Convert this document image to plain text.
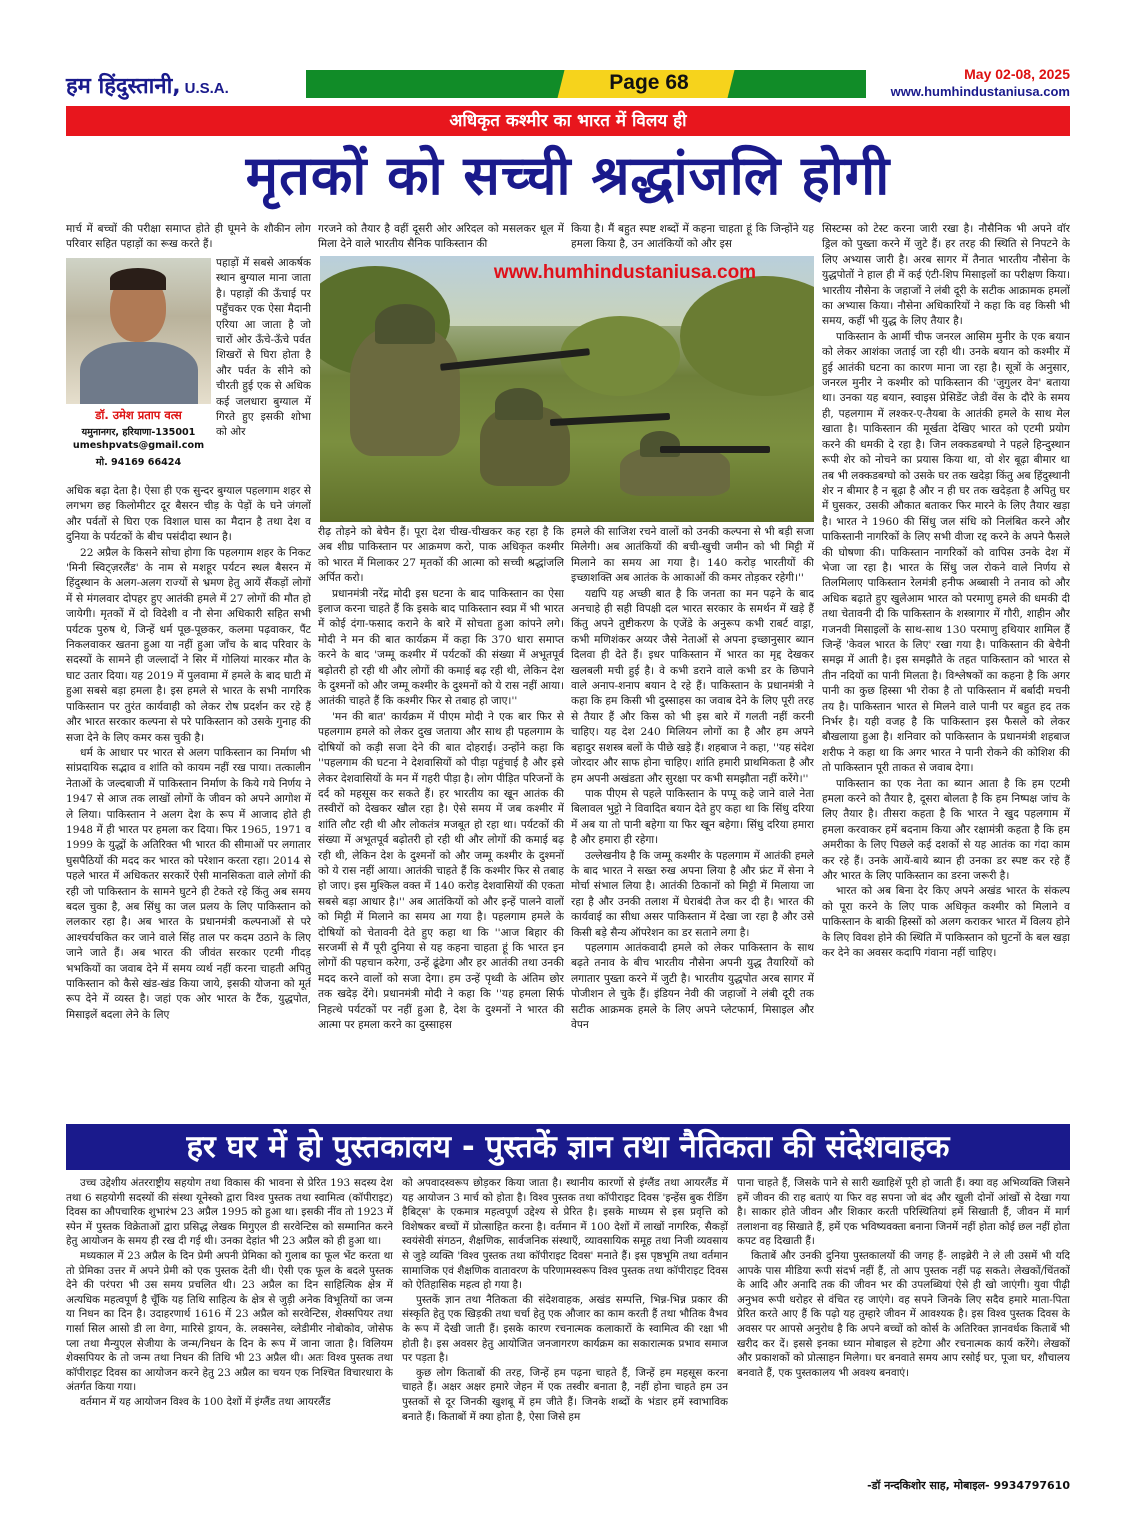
Page 68
हम हिंदुस्तानी, U.S.A.
May 02-08, 2025
www.humhindustaniusa.com
अधिकृत कश्मीर का भारत में विलय ही
मृतकों को सच्ची श्रद्धांजलि होगी

मार्च में बच्चों की परीक्षा समाप्त होते ही घूमने के शौकीन लोग परिवार सहित पहाड़ों का रूख करते हैं।

डॉ. उमेश प्रताप वत्स
यमुनानगर, हरियाणा-135001
umeshpvats@gmail.com
मो. 94169 66424

पहाड़ों में सबसे आकर्षक स्थान बुग्याल माना जाता है। पहाड़ों की ऊँचाई पर पहुँचकर एक ऐसा मैदानी एरिया आ जाता है जो चारों ओर ऊँचे-ऊँचे पर्वत शिखरों से घिरा होता है और पर्वत के सीने को चीरती हुई एक से अधिक कई जलधारा बुग्याल में गिरते हुए इसकी शोभा को ओर

अधिक बढ़ा देता है। ऐसा ही एक सुन्दर बुग्याल पहलगाम शहर से लगभग छह किलोमीटर दूर बैसरन चीड़ के पेड़ों के घने जंगलों और पर्वतों से घिरा एक विशाल घास का मैदान है तथा देश व दुनिया के पर्यटकों के बीच पसंदीदा स्थान है।

22 अप्रैल के किसने सोचा होगा कि पहलगाम शहर के निकट 'मिनी स्विट्ज़रलैंड' के नाम से मशहूर पर्यटन स्थल बैसरन में हिंदुस्थान के अलग-अलग राज्यों से भ्रमण हेतु आयें सैंकड़ों लोगों में से मंगलवार दोपहर हुए आतंकी हमले में 27 लोगों की मौत हो जायेगी। मृतकों में दो विदेशी व नौ सेना अधिकारी सहित सभी पर्यटक पुरुष थे, जिन्हें धर्म पूछ-पूछकर, कलमा पढ़वाकर, पैंट निकलवाकर खतना हुआ या नहीं हुआ जाँच के बाद परिवार के सदस्यों के सामने ही जल्लादों ने सिर में गोलियां मारकर मौत के घाट उतार दिया। यह 2019 में पुलवामा में हमले के बाद घाटी में हुआ सबसे बड़ा हमला है। इस हमले से भारत के सभी नागरिक पाकिस्तान पर तुरंत कार्यवाही को लेकर रोष प्रदर्शन कर रहे हैं और भारत सरकार कल्पना से परे पाकिस्तान को उसके गुनाह की सजा देने के लिए कमर कस चुकी है।

धर्म के आधार पर भारत से अलग पाकिस्तान का निर्माण भी सांप्रदायिक सद्भाव व शांति को कायम नहीं रख पाया। तत्कालीन नेताओं के जल्दबाजी में पाकिस्तान निर्माण के किये गये निर्णय ने 1947 से आज तक लाखों लोगों के जीवन को अपने आगोश में ले लिया। पाकिस्तान ने अलग देश के रूप में आजाद होते ही 1948 में ही भारत पर हमला कर दिया। फिर 1965, 1971 व 1999 के युद्धों के अतिरिक्त भी भारत की सीमाओं पर लगातार घुसपैठियों की मदद कर भारत को परेशान करता रहा। 2014 से पहले भारत में अधिकतर सरकारें ऐसी मानसिकता वाले लोगों की रही जो पाकिस्तान के सामने घुटने ही टेकते रहे किंतु अब समय बदल चुका है, अब सिंधु का जल प्रलय के लिए पाकिस्तान को ललकार रहा है। अब भारत के प्रधानमंत्री कल्पनाओं से परे आश्चर्यचकित कर जाने वाले सिंह ताल पर कदम उठाने के लिए जाने जाते हैं। अब भारत की जीवंत सरकार एटमी गीदड़ भभकियों का जवाब देने में समय व्यर्थ नहीं करना चाहती अपितु पाकिस्तान को कैसे खंड-खंड किया जाये, इसकी योजना को मूर्त रूप देने में व्यस्त है। जहां एक ओर भारत के टैंक, युद्धपोत, मिसाइलें बदला लेने के लिए

गरजने को तैयार है वहीं दूसरी ओर अरिदल को मसलकर धूल में मिला देने वाले भारतीय सैनिक पाकिस्तान की

किया है। मैं बहुत स्पष्ट शब्दों में कहना चाहता हूं कि जिन्होंने यह हमला किया है, उन आतंकियों को और इस

www.humhindustaniusa.com

रीढ़ तोड़ने को बेचैन हैं। पूरा देश चीख-चीखकर कह रहा है कि अब शीघ्र पाकिस्तान पर आक्रमण करो, पाक अधिकृत कश्मीर को भारत में मिलाकर 27 मृतकों की आत्मा को सच्ची श्रद्धांजलि अर्पित करो।

प्रधानमंत्री नरेंद्र मोदी इस घटना के बाद पाकिस्तान का ऐसा इलाज करना चाहते हैं कि इसके बाद पाकिस्तान स्वप्न में भी भारत में कोई दंगा-फसाद कराने के बारे में सोचता हुआ कांपने लगे। मोदी ने मन की बात कार्यक्रम में कहा कि 370 धारा समाप्त करने के बाद 'जम्मू कश्मीर में पर्यटकों की संख्या में अभूतपूर्व बढ़ोतरी हो रही थी और लोगों की कमाई बढ़ रही थी, लेकिन देश के दुश्मनों को और जम्मू कश्मीर के दुश्मनों को ये रास नहीं आया। आतंकी चाहते हैं कि कश्मीर फिर से तबाह हो जाए।''

'मन की बात' कार्यक्रम में पीएम मोदी ने एक बार फिर से पहलगाम हमले को लेकर दुख जताया और साथ ही पहलगाम के दोषियों को कड़ी सजा देने की बात दोहराई। उन्होंने कहा कि ''पहलगाम की घटना ने देशवासियों को पीड़ा पहुंचाई है और इसे लेकर देशवासियों के मन में गहरी पीड़ा है। लोग पीड़ित परिजनों के दर्द को महसूस कर सकते हैं। हर भारतीय का खून आतंक की तस्वीरों को देखकर खौल रहा है। ऐसे समय में जब कश्मीर में शांति लौट रही थी और लोकतंत्र मजबूत हो रहा था। पर्यटकों की संख्या में अभूतपूर्व बढ़ोतरी हो रही थी और लोगों की कमाई बढ़ रही थी, लेकिन देश के दुश्मनों को और जम्मू कश्मीर के दुश्मनों को ये रास नहीं आया। आतंकी चाहते हैं कि कश्मीर फिर से तबाह हो जाए। इस मुश्किल वक्त में 140 करोड़ देशवासियों की एकता सबसे बड़ा आधार है।'' अब आतंकियों को और इन्हें पालने वालों को मिट्टी में मिलाने का समय आ गया है। पहलगाम हमले के दोषियों को चेतावनी देते हुए कहा था कि ''आज बिहार की सरजमीं से मैं पूरी दुनिया से यह कहना चाहता हूं कि भारत इन लोगों की पहचान करेगा, उन्हें ढूंढेगा और हर आतंकी तथा उनकी मदद करने वालों को सजा देगा। हम उन्हें पृथ्वी के अंतिम छोर तक खदेड़ देंगे। प्रधानमंत्री मोदी ने कहा कि ''यह हमला सिर्फ निहत्थे पर्यटकों पर नहीं हुआ है, देश के दुश्मनों ने भारत की आत्मा पर हमला करने का दुस्साहस

हमले की साजिश रचने वालों को उनकी कल्पना से भी बड़ी सजा मिलेगी। अब आतंकियों की बची-खुची जमीन को भी मिट्टी में मिलाने का समय आ गया है। 140 करोड़ भारतीयों की इच्छाशक्ति अब आतंक के आकाओं की कमर तोड़कर रहेगी।''

यद्यपि यह अच्छी बात है कि जनता का मन पढ़ने के बाद अनचाहे ही सही विपक्षी दल भारत सरकार के समर्थन में खड़े हैं किंतु अपने तुष्टीकरण के एजेंडे के अनुरूप कभी राबर्ट वाड्रा, कभी मणिशंकर अय्यर जैसे नेताओं से अपना इच्छानुसार ब्यान दिलवा ही देते हैं। इधर पाकिस्तान में भारत का मृद्द देखकर खलबली मची हुई है। वे कभी डराने वाले कभी डर के छिपाने वाले अनाप-शनाप बयान दे रहे हैं। पाकिस्तान के प्रधानमंत्री ने कहा कि हम किसी भी दुस्साहस का जवाब देने के लिए पूरी तरह से तैयार हैं और किस को भी इस बारे में गलती नहीं करनी चाहिए। यह देश 240 मिलियन लोगों का है और हम अपने बहादुर सशस्त्र बलों के पीछे खड़े हैं। शहबाज ने कहा, ''यह संदेश जोरदार और साफ होना चाहिए। शांति हमारी प्राथमिकता है और हम अपनी अखंडता और सुरक्षा पर कभी समझौता नहीं करेंगे।''

पाक पीएम से पहले पाकिस्तान के पप्पू कहे जाने वाले नेता बिलावल भुट्टो ने विवादित बयान देते हुए कहा था कि सिंधु दरिया में अब या तो पानी बहेगा या फिर खून बहेगा। सिंधु दरिया हमारा है और हमारा ही रहेगा।

उल्लेखनीय है कि जम्मू कश्मीर के पहलगाम में आतंकी हमले के बाद भारत ने सख्त रुख अपना लिया है और फ्रंट में सेना ने मोर्चा संभाल लिया है। आतंकी ठिकानों को मिट्टी में मिलाया जा रहा है और उनकी तलाश में घेराबंदी तेज कर दी है। भारत की कार्यवाई का सीधा असर पाकिस्तान में देखा जा रहा है और उसे किसी बड़े सैन्य ऑपरेशन का डर सताने लगा है।

पहलगाम आतंकवादी हमले को लेकर पाकिस्तान के साथ बढ़ते तनाव के बीच भारतीय नौसेना अपनी युद्ध तैयारियों को लगातार पुख्ता करने में जुटी है। भारतीय युद्धपोत अरब सागर में पोजीशन ले चुके हैं। इंडियन नेवी की जहाजों ने लंबी दूरी तक सटीक आक्रमक हमले के लिए अपने प्लेटफार्म, मिसाइल और वेपन

सिस्टम्स को टेस्ट करना जारी रखा है। नौसैनिक भी अपने वॉर ड्रिल को पुख्ता करने में जुटे हैं। हर तरह की स्थिति से निपटने के लिए अभ्यास जारी है। अरब सागर में तैनात भारतीय नौसेना के युद्धपोतों ने हाल ही में कई एंटी-शिप मिसाइलों का परीक्षण किया। भारतीय नौसेना के जहाजों ने लंबी दूरी के सटीक आक्रामक हमलों का अभ्यास किया। नौसेना अधिकारियों ने कहा कि वह किसी भी समय, कहीं भी युद्ध के लिए तैयार है।

पाकिस्तान के आर्मी चीफ जनरल आसिम मुनीर के एक बयान को लेकर आशंका जताई जा रही थी। उनके बयान को कश्मीर में हुई आतंकी घटना का कारण माना जा रहा है। सूत्रों के अनुसार, जनरल मुनीर ने कश्मीर को पाकिस्तान की 'जुगुलर वेन' बताया था। उनका यह बयान, स्वाइस प्रेसिडेंट जेडी वेंस के दौरे के समय ही, पहलगाम में लश्कर-ए-तैयबा के आतंकी हमले के साथ मेल खाता है। पाकिस्तान की मूर्खता देखिए भारत को एटमी प्रयोग करने की धमकी दे रहा है। जिन लक्कडबग्घो ने पहले हिन्दुस्थान रूपी शेर को नोचने का प्रयास किया था, वो शेर बूढ़ा बीमार था तब भी लक्कडबग्घो को उसके घर तक खदेड़ा किंतु अब हिंदुस्थानी शेर न बीमार है न बूढ़ा है और न ही घर तक खदेड़ता है अपितु घर में घुसकर, उसकी औकात बताकर फिर मारने के लिए तैयार खड़ा है। भारत ने 1960 की सिंधु जल संधि को निलंबित करने और पाकिस्तानी नागरिकों के लिए सभी वीजा रद्द करने के अपने फैसले की घोषणा की। पाकिस्तान नागरिकों को वापिस उनके देश में भेजा जा रहा है। भारत के सिंधु जल रोकने वाले निर्णय से तिलमिलाए पाकिस्तान रेलमंत्री हनीफ अब्बासी ने तनाव को और अधिक बढ़ाते हुए खुलेआम भारत को परमाणु हमले की धमकी दी तथा चेतावनी दी कि पाकिस्तान के शस्त्रागार में गौरी, शाहीन और गजनवी मिसाइलों के साथ-साथ 130 परमाणु हथियार शामिल हैं जिन्हें 'केवल भारत के लिए' रखा गया है। पाकिस्तान की बेचैनी समझ में आती है। इस समझौते के तहत पाकिस्तान को भारत से तीन नदियों का पानी मिलता है। विश्लेषकों का कहना है कि अगर पानी का कुछ हिस्सा भी रोका है तो पाकिस्तान में बर्बादी मचनी तय है। पाकिस्तान भारत से मिलने वाले पानी पर बहुत हद तक निर्भर है। यही वजह है कि पाकिस्तान इस फैसले को लेकर बौखलाया हुआ है। शनिवार को पाकिस्तान के प्रधानमंत्री शहबाज शरीफ ने कहा था कि अगर भारत ने पानी रोकने की कोशिश की तो पाकिस्तान पूरी ताकत से जवाब देगा।

पाकिस्तान का एक नेता का ब्यान आता है कि हम एटमी हमला करने को तैयार है, दूसरा बोलता है कि हम निष्पक्ष जांच के लिए तैयार है। तीसरा कहता है कि भारत ने खुद पहलगाम में हमला करवाकर हमें बदनाम किया और रक्षामंत्री कहता है कि हम अमरीका के लिए पिछले कई दशकों से यह आतंक का गंदा काम कर रहे हैं। उनके आयें-बाये ब्यान ही उनका डर स्पष्ट कर रहे हैं और भारत के लिए पाकिस्तान का डरना जरूरी है।

भारत को अब बिना देर किए अपने अखंड भारत के संकल्प को पूरा करने के लिए पाक अधिकृत कश्मीर को मिलाने व पाकिस्तान के बाकी हिस्सों को अलग कराकर भारत में विलय होने के लिए विवश होने की स्थिति में पाकिस्तान को घुटनों के बल खड़ा कर देने का अवसर कदापि गंवाना नहीं चाहिए।

हर घर में हो पुस्तकालय - पुस्तकें ज्ञान तथा नैतिकता की संदेशवाहक

उच्च उद्देशीय अंतरराष्ट्रीय सहयोग तथा विकास की भावना से प्रेरित 193 सदस्य देश तथा 6 सहयोगी सदस्यों की संस्था यूनेस्को द्वारा विश्व पुस्तक तथा स्वामित्व (कॉपीराइट) दिवस का औपचारिक शुभारंभ 23 अप्रैल 1995 को हुआ था। इसकी नींव तो 1923 में स्पेन में पुस्तक विक्रेताओं द्वारा प्रसिद्ध लेखक मिगुएल डी सरवेन्टिस को सम्मानित करने हेतु आयोजन के समय ही रख दी गई थी। उनका देहांत भी 23 अप्रैल को ही हुआ था।

मध्यकाल में 23 अप्रैल के दिन प्रेमी अपनी प्रेमिका को गुलाब का फूल भेंट करता था तो प्रेमिका उत्तर में अपने प्रेमी को एक पुस्तक देती थी। ऐसी एक फूल के बदले पुस्तक देने की परंपरा भी उस समय प्रचलित थी। 23 अप्रैल का दिन साहित्यिक क्षेत्र में अत्यधिक महत्वपूर्ण है चूँकि यह तिथि साहित्य के क्षेत्र से जुड़ी अनेक विभूतियों का जन्म या निधन का दिन है। उदाहरणार्थ 1616 में 23 अप्रैल को सरवेन्टिस, शेक्सपियर तथा गार्सा सिल आसो डी ला वेगा, मारिसे ड्रायन, के. लक्सनेस, व्लेडीमीर नोबोकोव, जोसेफ प्ला तथा मैन्युएल सेजीया के जन्म/निधन के दिन के रूप में जाना जाता है। विलियम शेक्सपियर के तो जन्म तथा निधन की तिथि भी 23 अप्रैल थी। अतः विश्व पुस्तक तथा कॉपीराइट दिवस का आयोजन करने हेतु 23 अप्रैल का चयन एक निश्चित विचारधारा के अंतर्गत किया गया।

वर्तमान में यह आयोजन विश्व के 100 देशों में इंग्लैंड तथा आयरलैंड

को अपवादस्वरूप छोड़कर किया जाता है। स्थानीय कारणों से इंग्लैंड तथा आयरलैंड में यह आयोजन 3 मार्च को होता है। विश्व पुस्तक तथा कॉपीराइट दिवस 'इन्हेंस बुक रीडिंग हैबिट्स' के एकमात्र महत्वपूर्ण उद्देश्य से प्रेरित है। इसके माध्यम से इस प्रवृत्ति को विशेषकर बच्चों में प्रोत्साहित करना है। वर्तमान में 100 देशों में लाखों नागरिक, सैकड़ों स्वयंसेवी संगठन, शैक्षणिक, सार्वजनिक संस्थाएँ, व्यावसायिक समूह तथा निजी व्यवसाय से जुड़े व्यक्ति 'विश्व पुस्तक तथा कॉपीराइट दिवस' मनाते हैं। इस पृष्ठभूमि तथा वर्तमान सामाजिक एवं शैक्षणिक वातावरण के परिणामस्वरूप विश्व पुस्तक तथा कॉपीराइट दिवस को ऐतिहासिक महत्व हो गया है।

पुस्तकें ज्ञान तथा नैतिकता की संदेशवाहक, अखंड सम्पत्ति, भिन्न-भिन्न प्रकार की संस्कृति हेतु एक खिड़की तथा चर्चा हेतु एक औजार का काम करती हैं तथा भौतिक वैभव के रूप में देखी जाती हैं। इसके कारण रचनात्मक कलाकारों के स्वामित्व की रक्षा भी होती है। इस अवसर हेतु आयोजित जनजागरण कार्यक्रम का सकारात्मक प्रभाव समाज पर पड़ता है।

कुछ लोग किताबों की तरह, जिन्हें हम पढ़ना चाहते हैं, जिन्हें हम महसूस करना चाहते हैं। अक्षर अक्षर हमारे जेहन में एक तस्वीर बनाता है, नहीं होना चाहते हम उन पुस्तकों से दूर जिनकी खुशबू में हम जीते हैं। जिनके शब्दों के भंडार हमें स्वाभाविक बनाते हैं। किताबों में क्या होता है, ऐसा जिसे हम

पाना चाहते हैं, जिसके पाने से सारी ख्वाहिशें पूरी हो जाती हैं। क्या वह अभिव्यक्ति जिसने हमें जीवन की राह बताएं या फिर वह सपना जो बंद और खुली दोनों आंखों से देखा गया है। साकार होते जीवन और शिकार करती परिस्थितियां हमें सिखाती हैं, जीवन में मार्ग तलाशना वह सिखाते हैं, हमें एक भविष्यवक्ता बनाना जिनमें नहीं होता कोई छल नहीं होता कपट वह दिखाती हैं।

किताबें और उनकी दुनिया पुस्तकालयों की जगह हैं- लाइब्रेरी ने ले ली उसमें भी यदि आपके पास मीडिया रूपी संदर्भ नहीं हैं, तो आप पुस्तक नहीं पढ़ सकते। लेखकों/चिंतकों के आदि और अनादि तक की जीवन भर की उपलब्धियां ऐसे ही खो जाएंगी। युवा पीढ़ी अनुभव रूपी धरोहर से वंचित रह जाएंगे। वह सपने जिनके लिए सदैव हमारे माता-पिता प्रेरित करते आए हैं कि पढ़ो यह तुम्हारे जीवन में आवश्यक है। इस विश्व पुस्तक दिवस के अवसर पर आपसे अनुरोध है कि अपने बच्चों को कोर्स के अतिरिक्त ज्ञानवर्धक किताबें भी खरीद कर दें। इससे इनका ध्यान मोबाइल से हटेगा और रचनात्मक कार्य करेंगे। लेखकों और प्रकाशकों को प्रोत्साहन मिलेगा। घर बनवाते समय आप रसोई घर, पूजा घर, शौचालय बनवाते हैं, एक पुस्तकालय भी अवश्य बनवाएं।

-डॉ नन्दकिशोर साह, मोबाइल- 9934797610
